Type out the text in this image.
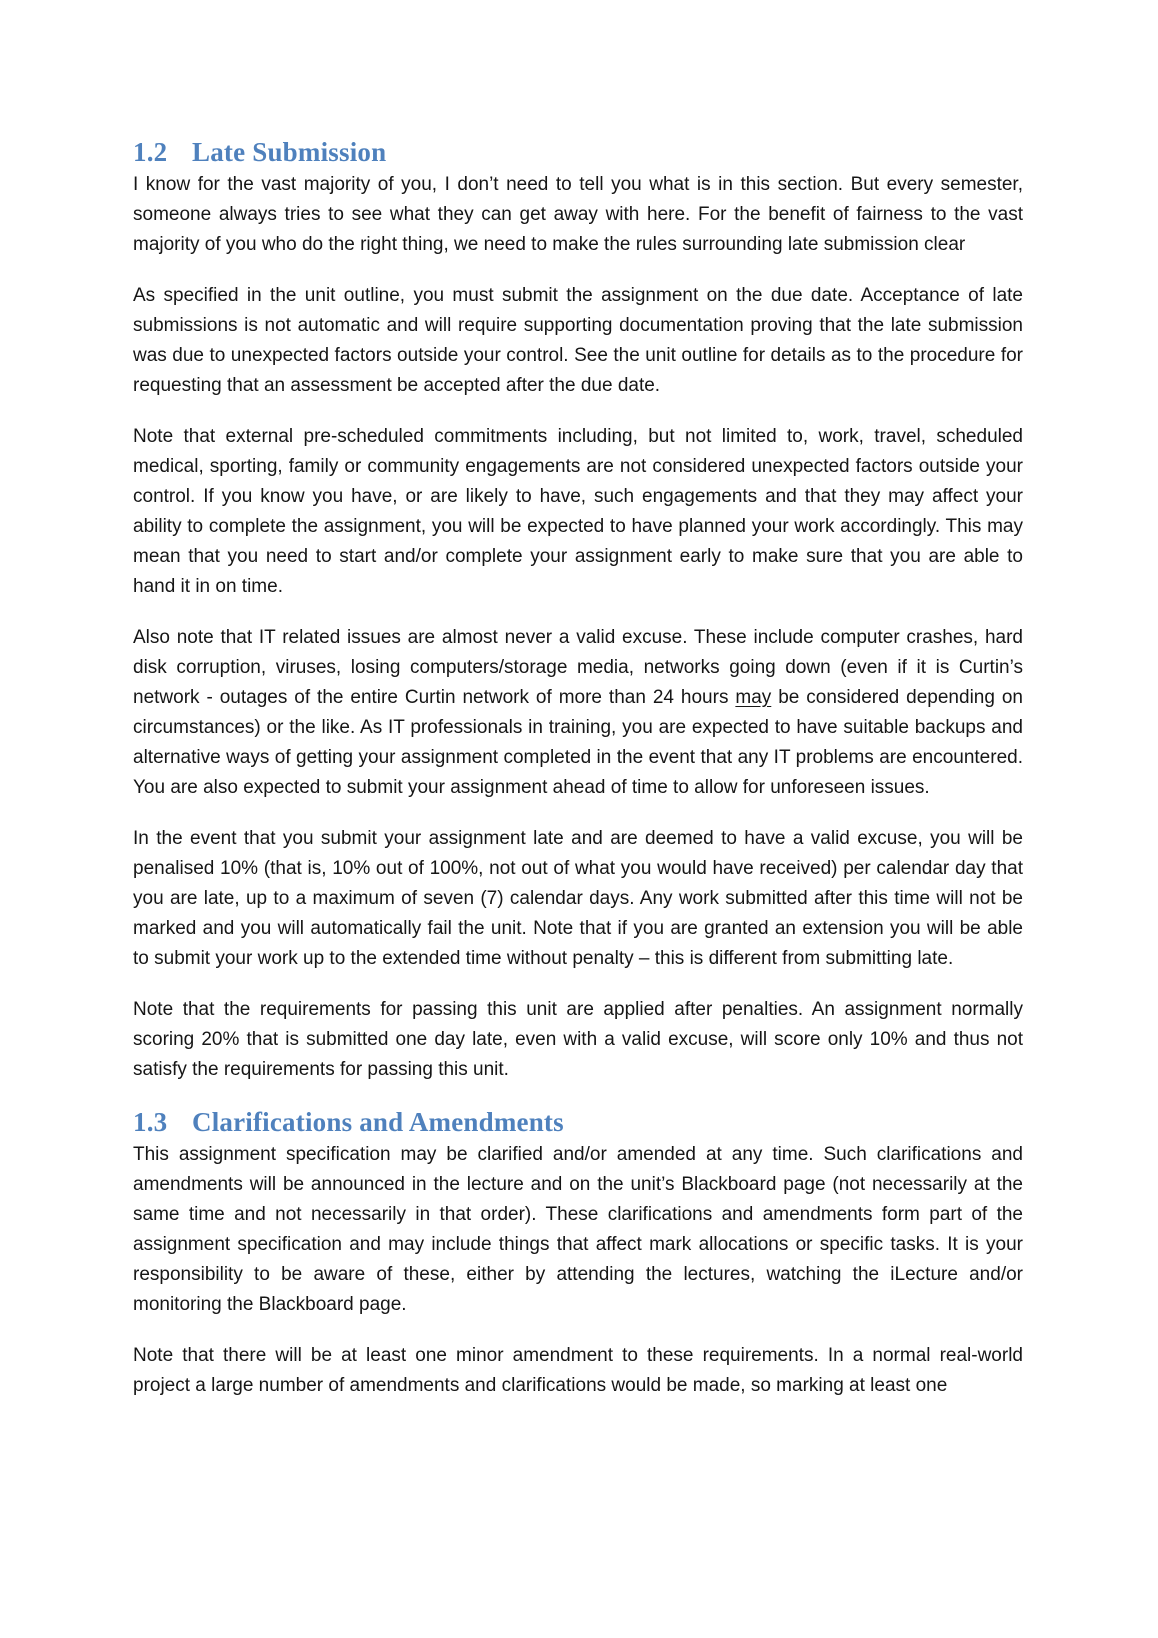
1.2 Late Submission

I know for the vast majority of you, I don’t need to tell you what is in this section. But every semester, someone always tries to see what they can get away with here. For the benefit of fairness to the vast majority of you who do the right thing, we need to make the rules surrounding late submission clear

As specified in the unit outline, you must submit the assignment on the due date. Acceptance of late submissions is not automatic and will require supporting documentation proving that the late submission was due to unexpected factors outside your control. See the unit outline for details as to the procedure for requesting that an assessment be accepted after the due date.

Note that external pre-scheduled commitments including, but not limited to, work, travel, scheduled medical, sporting, family or community engagements are not considered unexpected factors outside your control. If you know you have, or are likely to have, such engagements and that they may affect your ability to complete the assignment, you will be expected to have planned your work accordingly. This may mean that you need to start and/or complete your assignment early to make sure that you are able to hand it in on time.

Also note that IT related issues are almost never a valid excuse. These include computer crashes, hard disk corruption, viruses, losing computers/storage media, networks going down (even if it is Curtin’s network - outages of the entire Curtin network of more than 24 hours may be considered depending on circumstances) or the like. As IT professionals in training, you are expected to have suitable backups and alternative ways of getting your assignment completed in the event that any IT problems are encountered. You are also expected to submit your assignment ahead of time to allow for unforeseen issues.

In the event that you submit your assignment late and are deemed to have a valid excuse, you will be penalised 10% (that is, 10% out of 100%, not out of what you would have received) per calendar day that you are late, up to a maximum of seven (7) calendar days. Any work submitted after this time will not be marked and you will automatically fail the unit. Note that if you are granted an extension you will be able to submit your work up to the extended time without penalty – this is different from submitting late.

Note that the requirements for passing this unit are applied after penalties. An assignment normally scoring 20% that is submitted one day late, even with a valid excuse, will score only 10% and thus not satisfy the requirements for passing this unit.

1.3 Clarifications and Amendments

This assignment specification may be clarified and/or amended at any time. Such clarifications and amendments will be announced in the lecture and on the unit’s Blackboard page (not necessarily at the same time and not necessarily in that order). These clarifications and amendments form part of the assignment specification and may include things that affect mark allocations or specific tasks. It is your responsibility to be aware of these, either by attending the lectures, watching the iLecture and/or monitoring the Blackboard page.

Note that there will be at least one minor amendment to these requirements. In a normal real-world project a large number of amendments and clarifications would be made, so marking at least one
